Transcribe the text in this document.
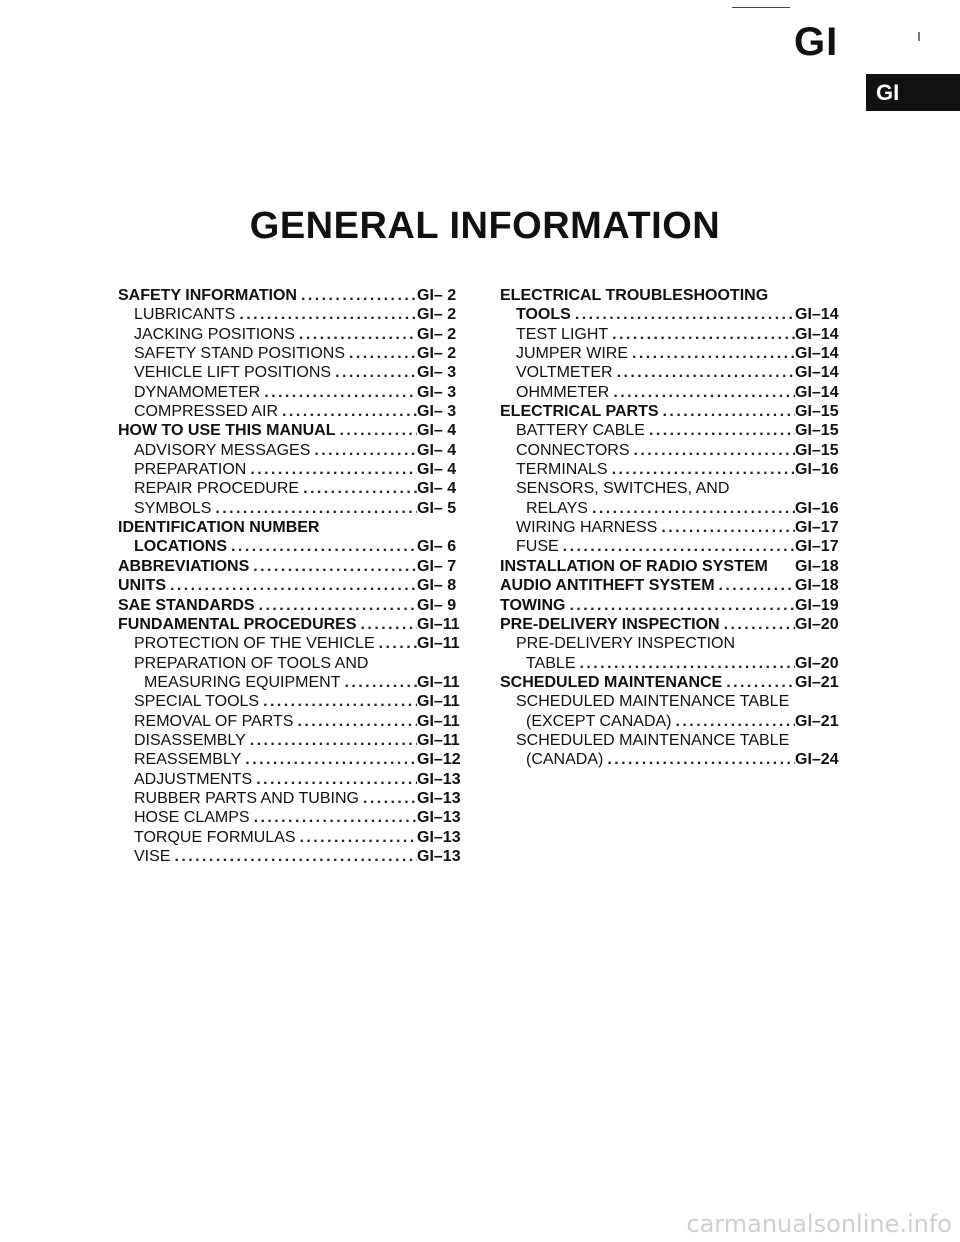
GI
GI
GENERAL INFORMATION
SAFETY INFORMATION . . .	GI– 2
LUBRICANTS . . .	GI– 2
JACKING POSITIONS . . .	GI– 2
SAFETY STAND POSITIONS . . .	GI– 2
VEHICLE LIFT POSITIONS . . .	GI– 3
DYNAMOMETER . . .	GI– 3
COMPRESSED AIR . . .	GI– 3
HOW TO USE THIS MANUAL . . .	GI– 4
ADVISORY MESSAGES . . .	GI– 4
PREPARATION . . .	GI– 4
REPAIR PROCEDURE . . .	GI– 4
SYMBOLS . . .	GI– 5
IDENTIFICATION NUMBER
LOCATIONS . . .	GI– 6
ABBREVIATIONS . . .	GI– 7
UNITS . . .	GI– 8
SAE STANDARDS . . .	GI– 9
FUNDAMENTAL PROCEDURES . . .	GI–11
PROTECTION OF THE VEHICLE . . .	GI–11
PREPARATION OF TOOLS AND
MEASURING EQUIPMENT . . .	GI–11
SPECIAL TOOLS . . .	GI–11
REMOVAL OF PARTS . . .	GI–11
DISASSEMBLY . . .	GI–11
REASSEMBLY . . .	GI–12
ADJUSTMENTS . . .	GI–13
RUBBER PARTS AND TUBING . . .	GI–13
HOSE CLAMPS . . .	GI–13
TORQUE FORMULAS . . .	GI–13
VISE . . .	GI–13
ELECTRICAL TROUBLESHOOTING
TOOLS . . .	GI–14
TEST LIGHT . . .	GI–14
JUMPER WIRE . . .	GI–14
VOLTMETER . . .	GI–14
OHMMETER . . .	GI–14
ELECTRICAL PARTS . . .	GI–15
BATTERY CABLE . . .	GI–15
CONNECTORS . . .	GI–15
TERMINALS . . .	GI–16
SENSORS, SWITCHES, AND
RELAYS . . .	GI–16
WIRING HARNESS . . .	GI–17
FUSE . . .	GI–17
INSTALLATION OF RADIO SYSTEM GI–18
AUDIO ANTITHEFT SYSTEM . . .	GI–18
TOWING . . .	GI–19
PRE-DELIVERY INSPECTION . . .	GI–20
PRE-DELIVERY INSPECTION
TABLE . . .	GI–20
SCHEDULED MAINTENANCE . . .	GI–21
SCHEDULED MAINTENANCE TABLE
(EXCEPT CANADA) . . .	GI–21
SCHEDULED MAINTENANCE TABLE
(CANADA) . . .	GI–24
carmanualsonline.info
